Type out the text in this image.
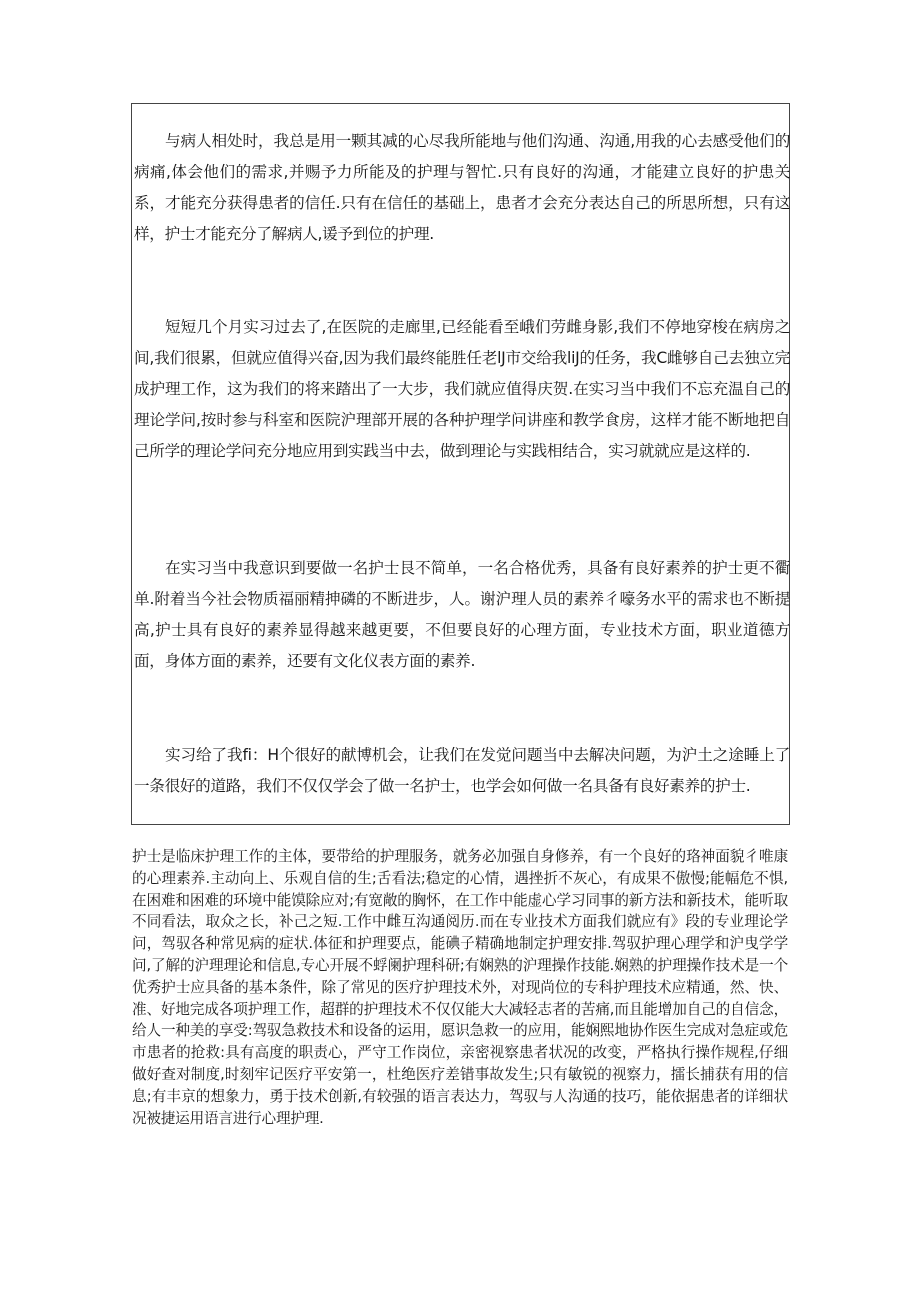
与病人相处时，我总是用一颗其减的心尽我所能地与他们沟通、沟通,用我的心去感受他们的病痛,体会他们的需求,并赐予力所能及的护理与智忙.只有良好的沟通，才能建立良好的护患关系，才能充分获得患者的信任.只有在信任的基础上，患者才会充分表达自己的所思所想，只有这样，护士才能充分了解病人,谖予到位的护理.

短短几个月实习过去了,在医院的走廊里,已经能看至峨们劳雌身影,我们不停地穿梭在病房之间,我们很累，但就应值得兴奋,因为我们最终能胜任老lJ市交给我liJ的任务，我C雌够自己去独立完成护理工作，这为我们的将来踏出了一大步，我们就应值得庆贺.在实习当中我们不忘充温自己的理论学问,按时参与科室和医院沪理部开展的各种护理学问讲座和教学食房，这样才能不断地把自己所学的理论学问充分地应用到实践当中去，做到理论与实践相结合，实习就就应是这样的.

在实习当中我意识到要做一名护士艮不简单，一名合格优秀，具备有良好素养的护士更不衢单.附着当今社会物质福丽精抻磷的不断进步，人。谢沪理人员的素养彳嚎务水平的需求也不断提高,护士具有良好的素养显得越来越更要，不但要良好的心理方面，专业技术方面，职业道德方面，身体方面的素养，还要有文化仪表方面的素养.

实习给了我fi：H个很好的献博机会，让我们在发觉问题当中去解决问题，为沪土之途睡上了一条很好的道路，我们不仅仅学会了做一名护士，也学会如何做一名具备有良好素养的护士.

护士是临床护理工作的主体，要带给的护理服务，就务必加强自身修养，有一个良好的珞神面貌彳唯康的心理素养.主动向上、乐观自信的生;舌看法;稳定的心情，遇挫折不灰心，有成果不傲慢;能幅危不惧,在困难和困难的环境中能馍除应对;有宽敞的胸怀，在工作中能虚心学习同事的新方法和新技术，能听取不同看法，取众之长，补己之短.工作中雌互沟通阅历.而在专业技术方面我们就应有》段的专业理论学问，驾驭各种常见病的症状.体征和护理要点，能碘子精确地制定护理安排.驾驭护理心理学和沪曳学学问,了解的沪理理论和信息,专心开展不蜉阑护理科研;有娴熟的沪理操作技能.娴熟的护理操作技术是一个优秀护士应具备的基本条件，除了常见的医疗护理技术外，对现尚位的专科护理技术应精通，然、快、准、好地完成各项护理工作，超群的护理技术不仅仅能大大减轻志者的苦痛,而且能增加自己的自信念，给人一种美的享受:驾驭急救技术和设备的运用，愿识急救一的应用，能娴熙地协作医生完成对急症或危市患者的抢救:具有高度的职责心，严守工作岗位，亲密视察患者状况的改变，严格执行操作规程,仔细做好查对制度,时刻牢记医疗平安第一，杜绝医疗差错事故发生;只有敏锐的视察力，擂长捕获有用的信息;有丰京的想象力，勇于技术创新,有较强的语言表达力，驾驭与人沟通的技巧，能依据患者的详细状况被捷运用语言进行心理护理.
